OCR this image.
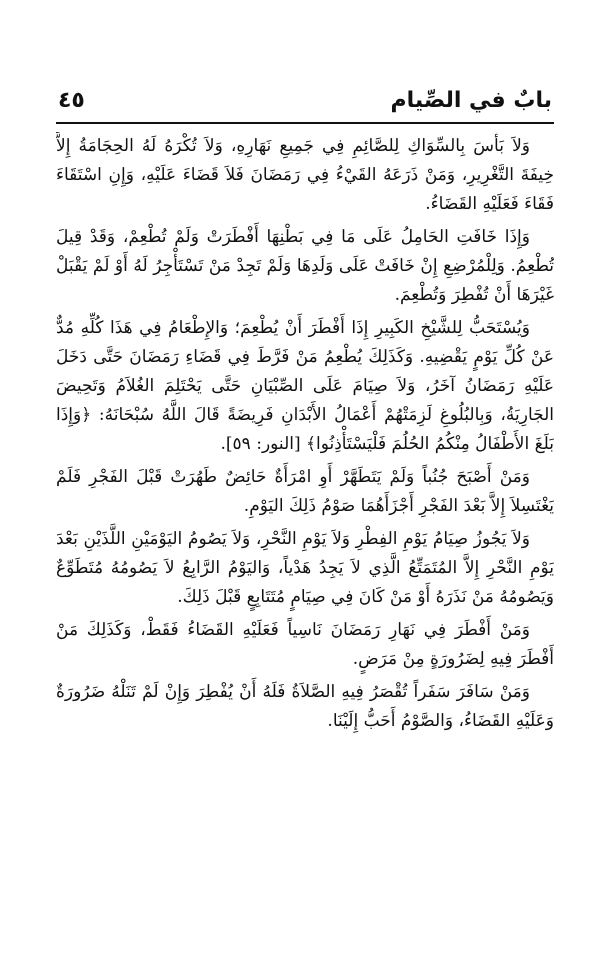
بابٌ في الصِّيام
٤٥

وَلاَ بَأْسَ بِالسِّوَاكِ لِلصَّائِمِ فِي جَمِيعِ نَهَارِهِ، وَلاَ تُكْرَهُ لَهُ الحِجَامَةُ إِلاَّ خِيفَةَ التَّغْرِيرِ، وَمَنْ ذَرَعَهُ القَيْءُ فِي رَمَضَانَ فَلاَ قَضَاءَ عَلَيْهِ، وَإِنِ اسْتَقَاءَ فَقَاءَ فَعَلَيْهِ القَضَاءُ.

وَإِذَا خَافَتِ الحَامِلُ عَلَى مَا فِي بَطْنِهَا أَفْطَرَتْ وَلَمْ تُطْعِمْ، وَقَدْ قِيلَ تُطْعِمُ. وَلِلْمُرْضِعِ إِنْ خَافَتْ عَلَى وَلَدِهَا وَلَمْ تَجِدْ مَنْ تَسْتَأْجِرُ لَهُ أَوْ لَمْ يَقْبَلْ غَيْرَهَا أَنْ تُفْطِرَ وَتُطْعِمَ.

وَيُسْتَحَبُّ لِلشَّيْخِ الكَبِيرِ إِذَا أَفْطَرَ أَنْ يُطْعِمَ؛ وَالإِطْعَامُ فِي هَذَا كُلِّهِ مُدٌّ عَنْ كُلِّ يَوْمٍ يَقْضِيهِ. وَكَذَلِكَ يُطْعِمُ مَنْ فَرَّطَ فِي قَضَاءِ رَمَضَانَ حَتَّى دَخَلَ عَلَيْهِ رَمَضَانُ آخَرُ، وَلاَ صِيَامَ عَلَى الصِّبْيَانِ حَتَّى يَحْتَلِمَ الغُلاَمُ وَتَحِيضَ الجَارِيَةُ، وَبِالبُلُوغِ لَزِمَتْهُمْ أَعْمَالُ الأَبْدَانِ فَرِيضَةً قَالَ اللَّهُ سُبْحَانَهُ: ﴿وَإِذَا بَلَغَ الأَطْفَالُ مِنْكُمُ الحُلُمَ فَلْيَسْتَأْذِنُوا﴾ [النور: ٥٩].

وَمَنْ أَصْبَحَ جُنُباً وَلَمْ يَتَطَهَّرْ أَوِ امْرَأَةٌ حَائِضٌ طَهُرَتْ قَبْلَ الفَجْرِ فَلَمْ يَغْتَسِلاَ إِلاَّ بَعْدَ الفَجْرِ أَجْزَأَهُمَا صَوْمُ ذَلِكَ اليَوْمِ.

وَلاَ يَجُوزُ صِيَامُ يَوْمِ الفِطْرِ وَلاَ يَوْمِ النَّحْرِ، وَلاَ يَصُومُ اليَوْمَيْنِ اللَّذَيْنِ بَعْدَ يَوْمِ النَّحْرِ إِلاَّ المُتَمَتِّعُ الَّذِي لاَ يَجِدُ هَدْياً، وَاليَوْمُ الرَّابِعُ لاَ يَصُومُهُ مُتَطَوِّعٌ وَيَصُومُهُ مَنْ نَذَرَهُ أَوْ مَنْ كَانَ فِي صِيَامٍ مُتَتَابِعٍ قَبْلَ ذَلِكَ.

وَمَنْ أَفْطَرَ فِي نَهَارِ رَمَضَانَ نَاسِياً فَعَلَيْهِ القَضَاءُ فَقَطْ، وَكَذَلِكَ مَنْ أَفْطَرَ فِيهِ لِضَرُورَةٍ مِنْ مَرَضٍ.

وَمَنْ سَافَرَ سَفَراً تُقْصَرُ فِيهِ الصَّلاَةُ فَلَهُ أَنْ يُفْطِرَ وَإِنْ لَمْ تَنَلْهُ ضَرُورَةٌ وَعَلَيْهِ القَضَاءُ، وَالصَّوْمُ أَحَبُّ إِلَيْنَا.
